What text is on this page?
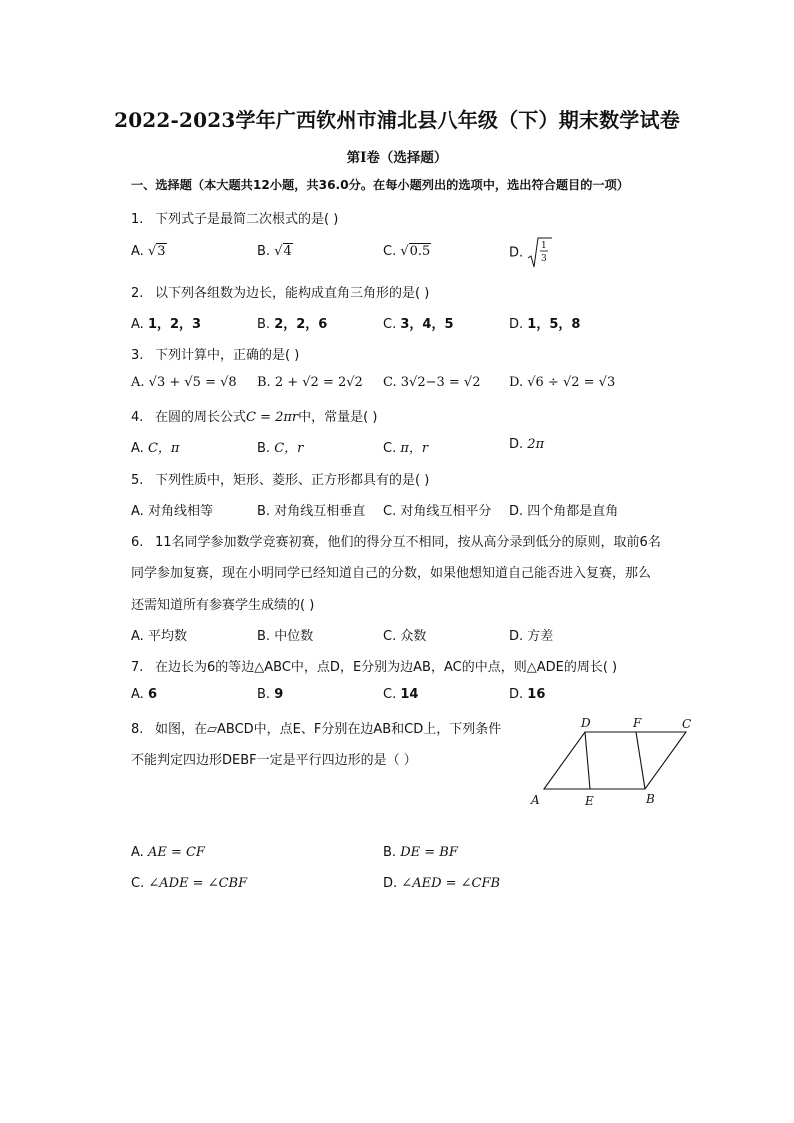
2022-2023学年广西钦州市浦北县八年级（下）期末数学试卷
第I卷（选择题）
一、选择题（本大题共12小题，共36.0分。在每小题列出的选项中，选出符合题目的一项）
1. 下列式子是最简二次根式的是( )
A. √3	B. √4	C. √0.5	D. 1
3
2. 以下列各组数为边长，能构成直角三角形的是( )
A. 1，2，3	B. 2，2，6	C. 3，4，5	D. 1，5，8
3. 下列计算中，正确的是( )
A. √3 + √5 = √8 B. 2 + √2 = 2√2 C. 3√2−3 = √2 D. √6 ÷ √2 = √3
4. 在圆的周长公式C = 2πr中，常量是( )
A. C，π	B. C，r	C. π，r	D. 2π
5. 下列性质中，矩形、菱形、正方形都具有的是( )
A. 对角线相等	B. 对角线互相垂直 C. 对角线互相平分 D. 四个角都是直角
6. 11名同学参加数学竞赛初赛，他们的得分互不相同，按从高分录到低分的原则，取前6名
同学参加复赛，现在小明同学已经知道自己的分数，如果他想知道自己能否进入复赛，那么
还需知道所有参赛学生成绩的( )
A. 平均数	B. 中位数	C. 众数	D. 方差
7. 在边长为6的等边△ABC中，点D，E分别为边AB，AC的中点，则△ADE的周长( )
A. 6	B. 9	C. 14	D. 16
8. 如图，在▱ABCD中，点E、F分别在边AB和CD上，下列条件
不能判定四边形DEBF一定是平行四边形的是（ ）
D	F	C
A	E	B
A. AE = CF	B. DE = BF
C. ∠ADE = ∠CBF	D. ∠AED = ∠CFB
